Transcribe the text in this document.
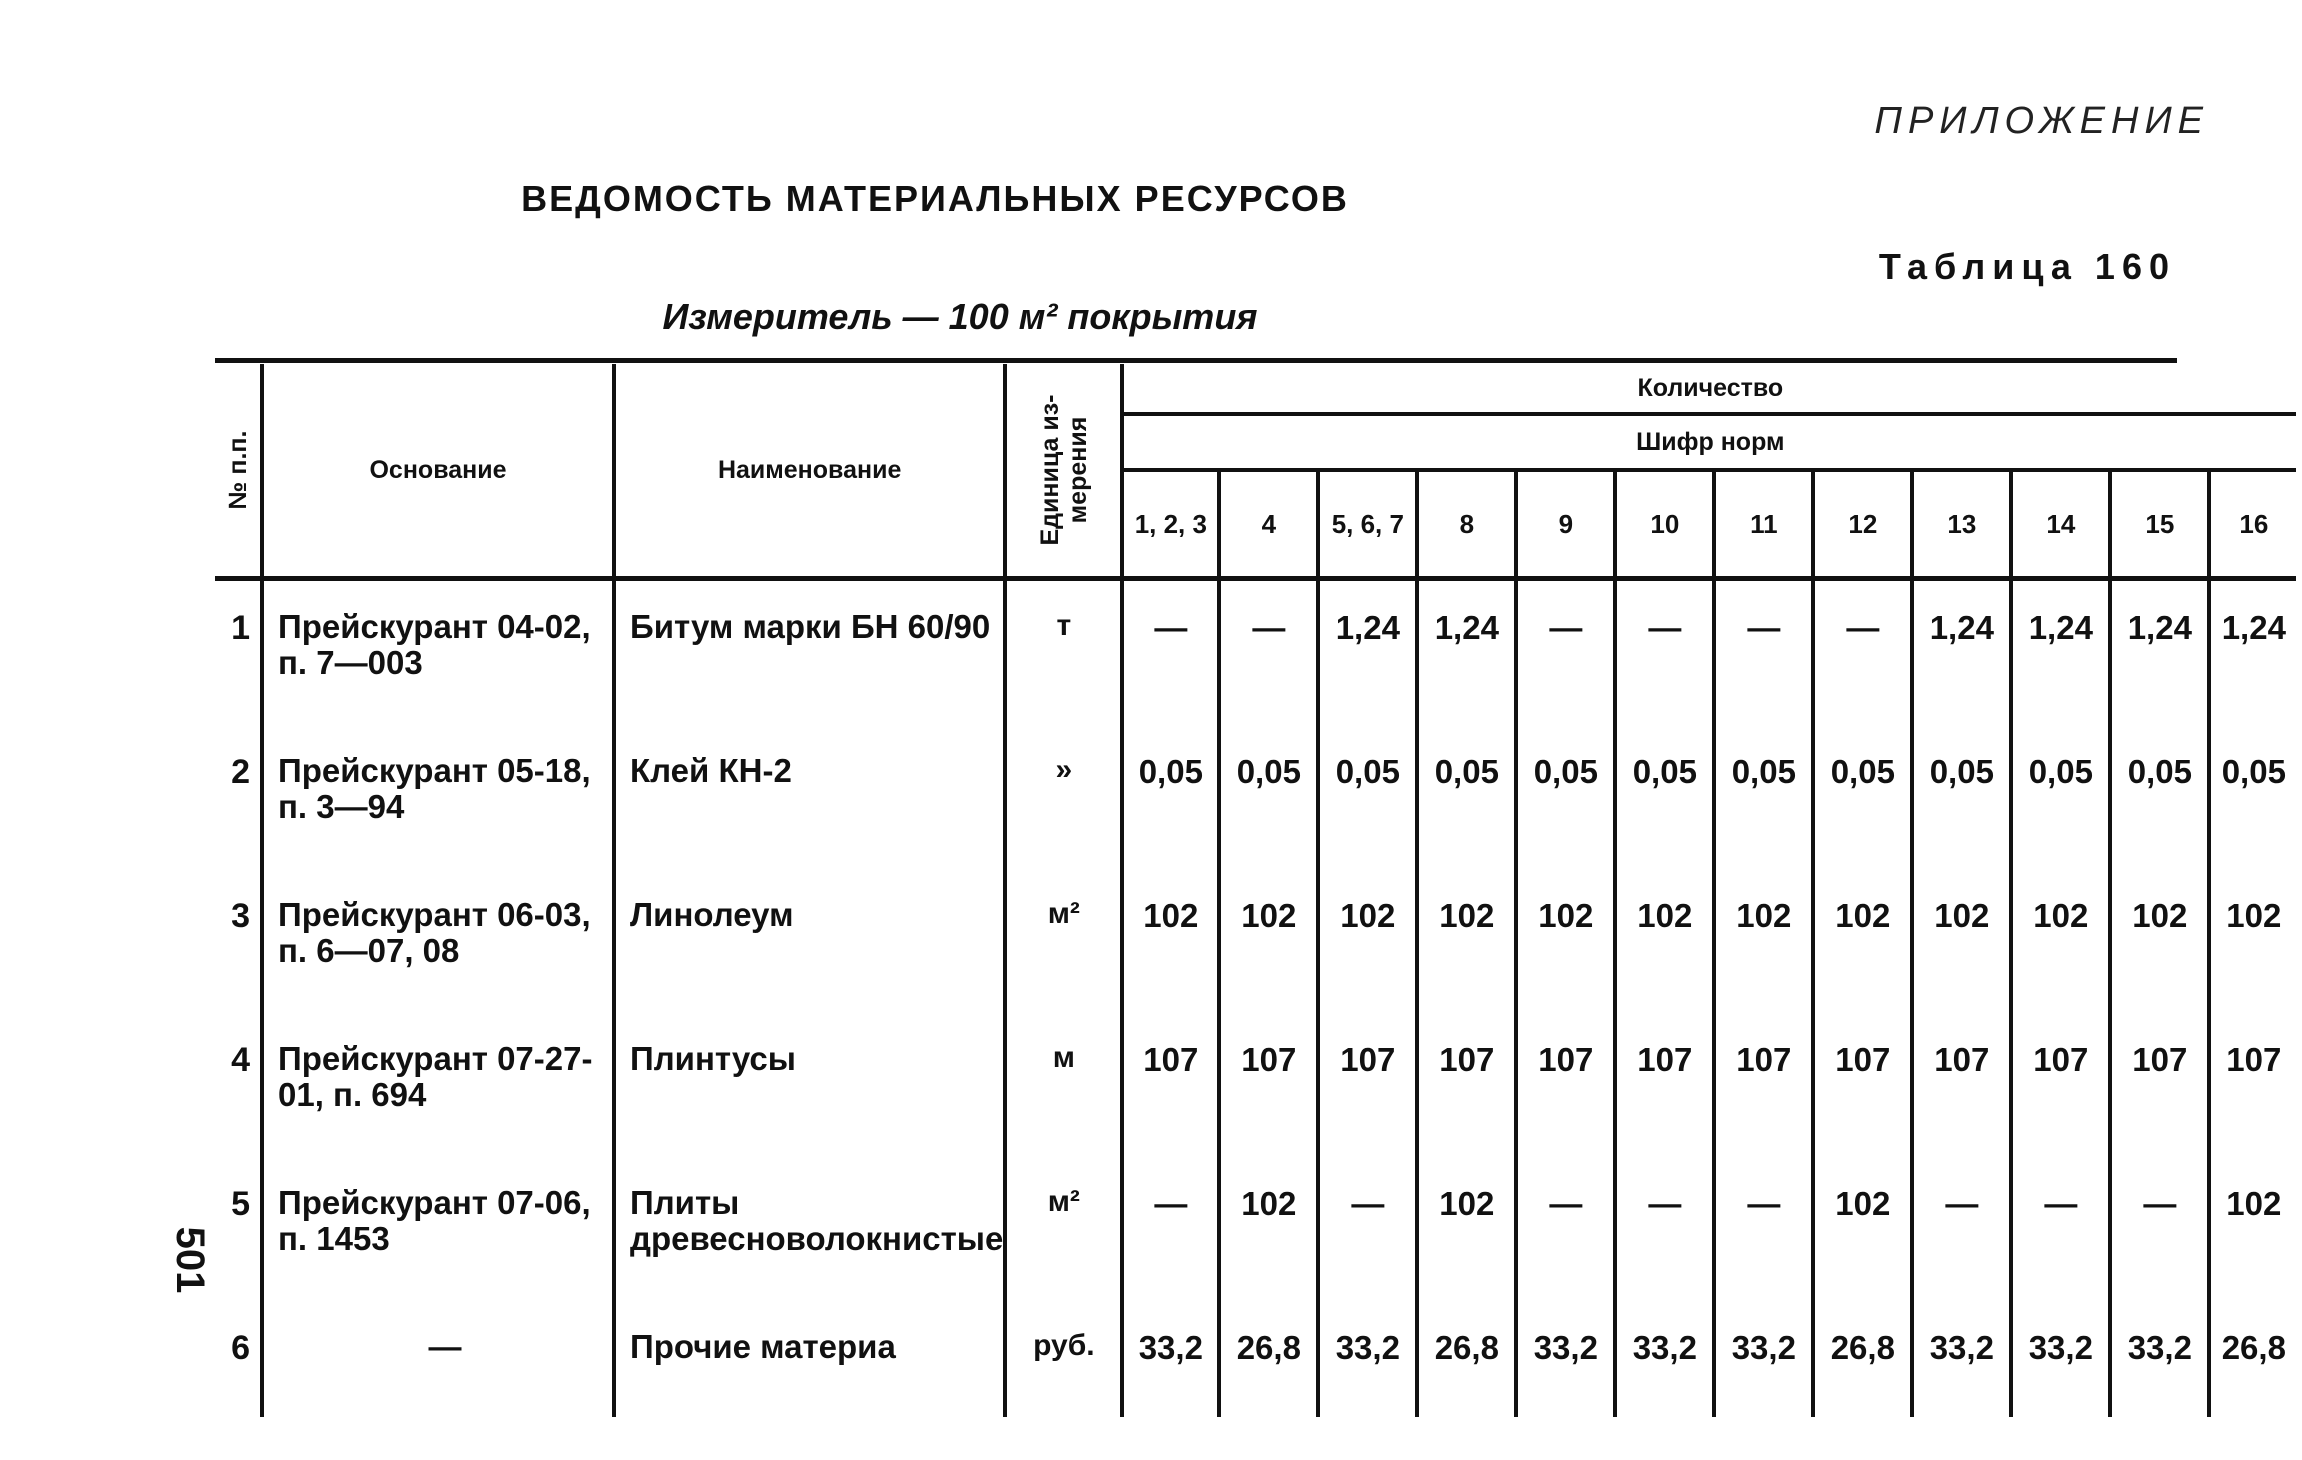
ПРИЛОЖЕНИЕ
ВЕДОМОСТЬ МАТЕРИАЛЬНЫХ РЕСУРСОВ
Таблица 160
Измеритель — 100 м² покрытия
№ п.п.	Основание	Наименование	Единица из- мерения	Количество											
				Шифр норм											
				1, 2, 3	4	5, 6, 7	8	9	10	11	12	13	14	15	16
1	Прейскурант 04-02, п. 7—003	Битум марки БН 60/90	т	—	—	1,24	1,24	—	—	—	—	1,24	1,24	1,24	1,24
2	Прейскурант 05-18, п. 3—94	Клей КН-2	»	0,05	0,05	0,05	0,05	0,05	0,05	0,05	0,05	0,05	0,05	0,05	0,05
3	Прейскурант 06-03, п. 6—07, 08	Линолеум	м²	102	102	102	102	102	102	102	102	102	102	102	102
4	Прейскурант 07-27-01, п. 694	Плинтусы	м	107	107	107	107	107	107	107	107	107	107	107	107
5	Прейскурант 07-06, п. 1453	Плиты древесноволокнистые	м²	—	102	—	102	—	—	—	102	—	—	—	102
6	—	Прочие материа	руб.	33,2	26,8	33,2	26,8	33,2	33,2	33,2	26,8	33,2	33,2	33,2	26,8
501
